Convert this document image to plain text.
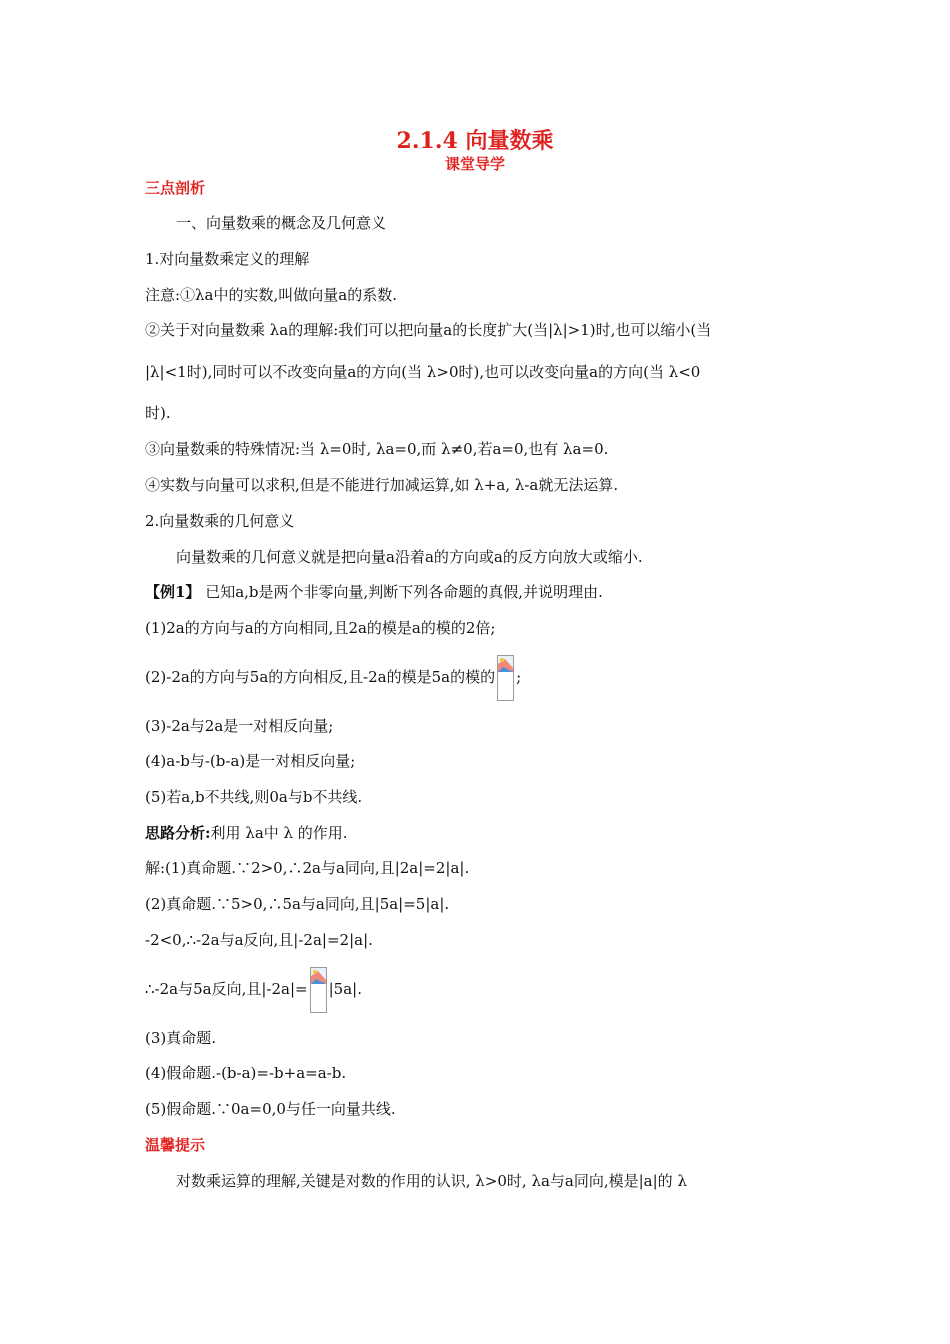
2.1.4 向量数乘
课堂导学
三点剖析
一、向量数乘的概念及几何意义
1.对向量数乘定义的理解
注意:①λa中的实数,叫做向量a的系数.
②关于对向量数乘 λa的理解:我们可以把向量a的长度扩大(当|λ|>1)时,也可以缩小(当
|λ|<1时),同时可以不改变向量a的方向(当 λ>0时),也可以改变向量a的方向(当 λ<0
时).
③向量数乘的特殊情况:当 λ=0时, λa=0,而 λ≠0,若a=0,也有 λa=0.
④实数与向量可以求积,但是不能进行加减运算,如 λ+a, λ-a就无法运算.
2.向量数乘的几何意义
向量数乘的几何意义就是把向量a沿着a的方向或a的反方向放大或缩小.
【例1】 已知a,b是两个非零向量,判断下列各命题的真假,并说明理由.
(1)2a的方向与a的方向相同,且2a的模是a的模的2倍;
(2)-2a的方向与5a的方向相反,且-2a的模是5a的模的 ;
(3)-2a与2a是一对相反向量;
(4)a-b与-(b-a)是一对相反向量;
(5)若a,b不共线,则0a与b不共线.
思路分析:利用 λa中 λ 的作用.
解:(1)真命题.∵2>0,∴2a与a同向,且|2a|=2|a|.
(2)真命题.∵5>0,∴5a与a同向,且|5a|=5|a|.
-2<0,∴-2a与a反向,且|-2a|=2|a|.
∴-2a与5a反向,且|-2a|= |5a|.
(3)真命题.
(4)假命题.-(b-a)=-b+a=a-b.
(5)假命题.∵0a=0,0与任一向量共线.
温馨提示
对数乘运算的理解,关键是对数的作用的认识, λ>0时, λa与a同向,模是|a|的 λ
